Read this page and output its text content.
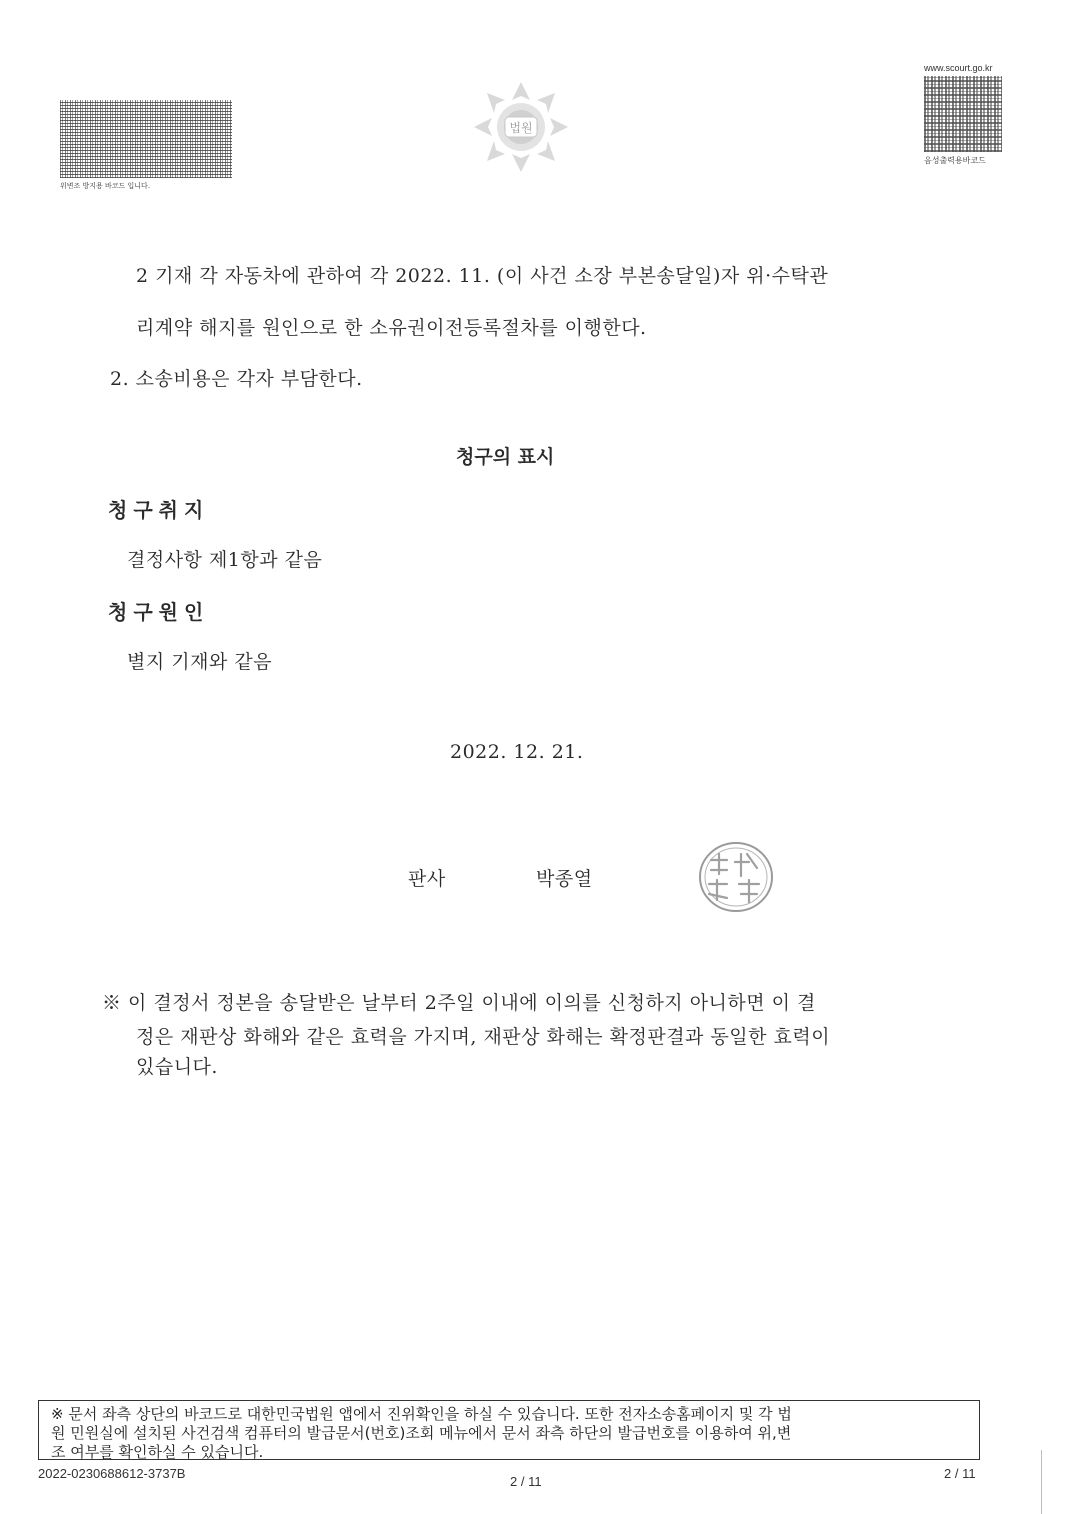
위변조 방지용 바코드 입니다.
법원
www.scourt.go.kr
음성출력용바코드
2 기재 각 자동차에 관하여 각 2022. 11. (이 사건 소장 부본송달일)자 위·수탁관
리계약 해지를 원인으로 한 소유권이전등록절차를 이행한다.
2. 소송비용은 각자 부담한다.
청구의 표시
청구취지
결정사항 제1항과 같음
청구원인
별지 기재와 같음
2022. 12. 21.
판사	박종열
※ 이 결정서 정본을 송달받은 날부터 2주일 이내에 이의를 신청하지 아니하면 이 결
정은 재판상 화해와 같은 효력을 가지며, 재판상 화해는 확정판결과 동일한 효력이
있습니다.
※ 문서 좌측 상단의 바코드로 대한민국법원 앱에서 진위확인을 하실 수 있습니다. 또한 전자소송홈페이지 및 각 법
원 민원실에 설치된 사건검색 컴퓨터의 발급문서(번호)조회 메뉴에서 문서 좌측 하단의 발급번호를 이용하여 위,변
조 여부를 확인하실 수 있습니다.
2022-0230688612-3737B
2 / 11
2 / 11
